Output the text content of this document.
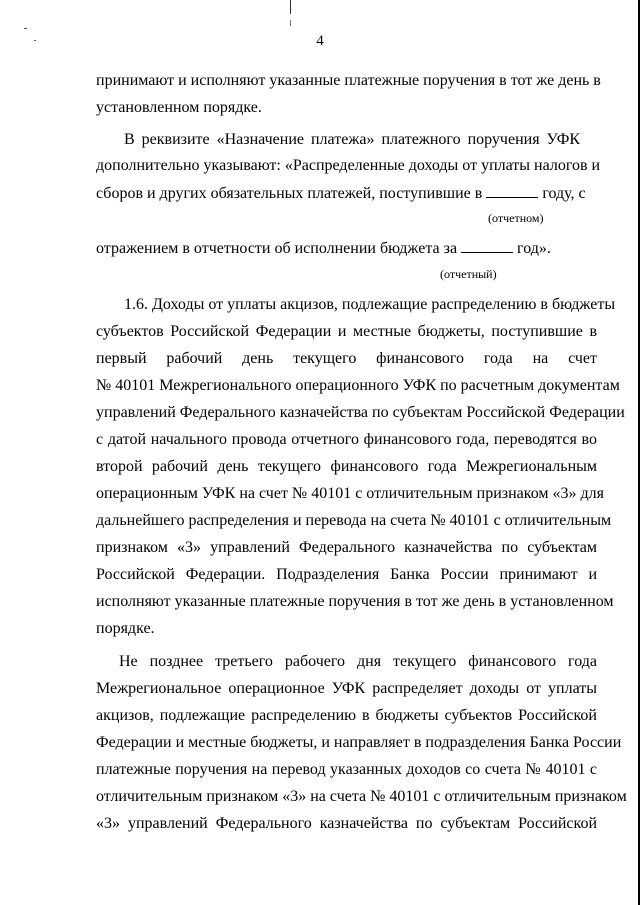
4
принимают и исполняют указанные платежные поручения в тот же день в
установленном порядке.
В реквизите «Назначение платежа» платежного поручения УФК
дополнительно указывают: «Распределенные доходы от уплаты налогов и
сборов и других обязательных платежей, поступившие в	году, с
(отчетном)
отражением в отчетности об исполнении бюджета за	год».
(отчетный)
1.6. Доходы от уплаты акцизов, подлежащие распределению в бюджеты
субъектов Российской Федерации и местные бюджеты, поступившие в
первый рабочий день текущего финансового года на счет
№ 40101 Межрегионального операционного УФК по расчетным документам
управлений Федерального казначейства по субъектам Российской Федерации
с датой начального провода отчетного финансового года, переводятся во
второй рабочий день текущего финансового года Межрегиональным
операционным УФК на счет № 40101 с отличительным признаком «3» для
дальнейшего распределения и перевода на счета № 40101 с отличительным
признаком «3» управлений Федерального казначейства по субъектам
Российской Федерации. Подразделения Банка России принимают и
исполняют указанные платежные поручения в тот же день в установленном
порядке.
Не позднее третьего рабочего дня текущего финансового года
Межрегиональное операционное УФК распределяет доходы от уплаты
акцизов, подлежащие распределению в бюджеты субъектов Российской
Федерации и местные бюджеты, и направляет в подразделения Банка России
платежные поручения на перевод указанных доходов со счета № 40101 с
отличительным признаком «3» на счета № 40101 с отличительным признаком
«3» управлений Федерального казначейства по субъектам Российской
